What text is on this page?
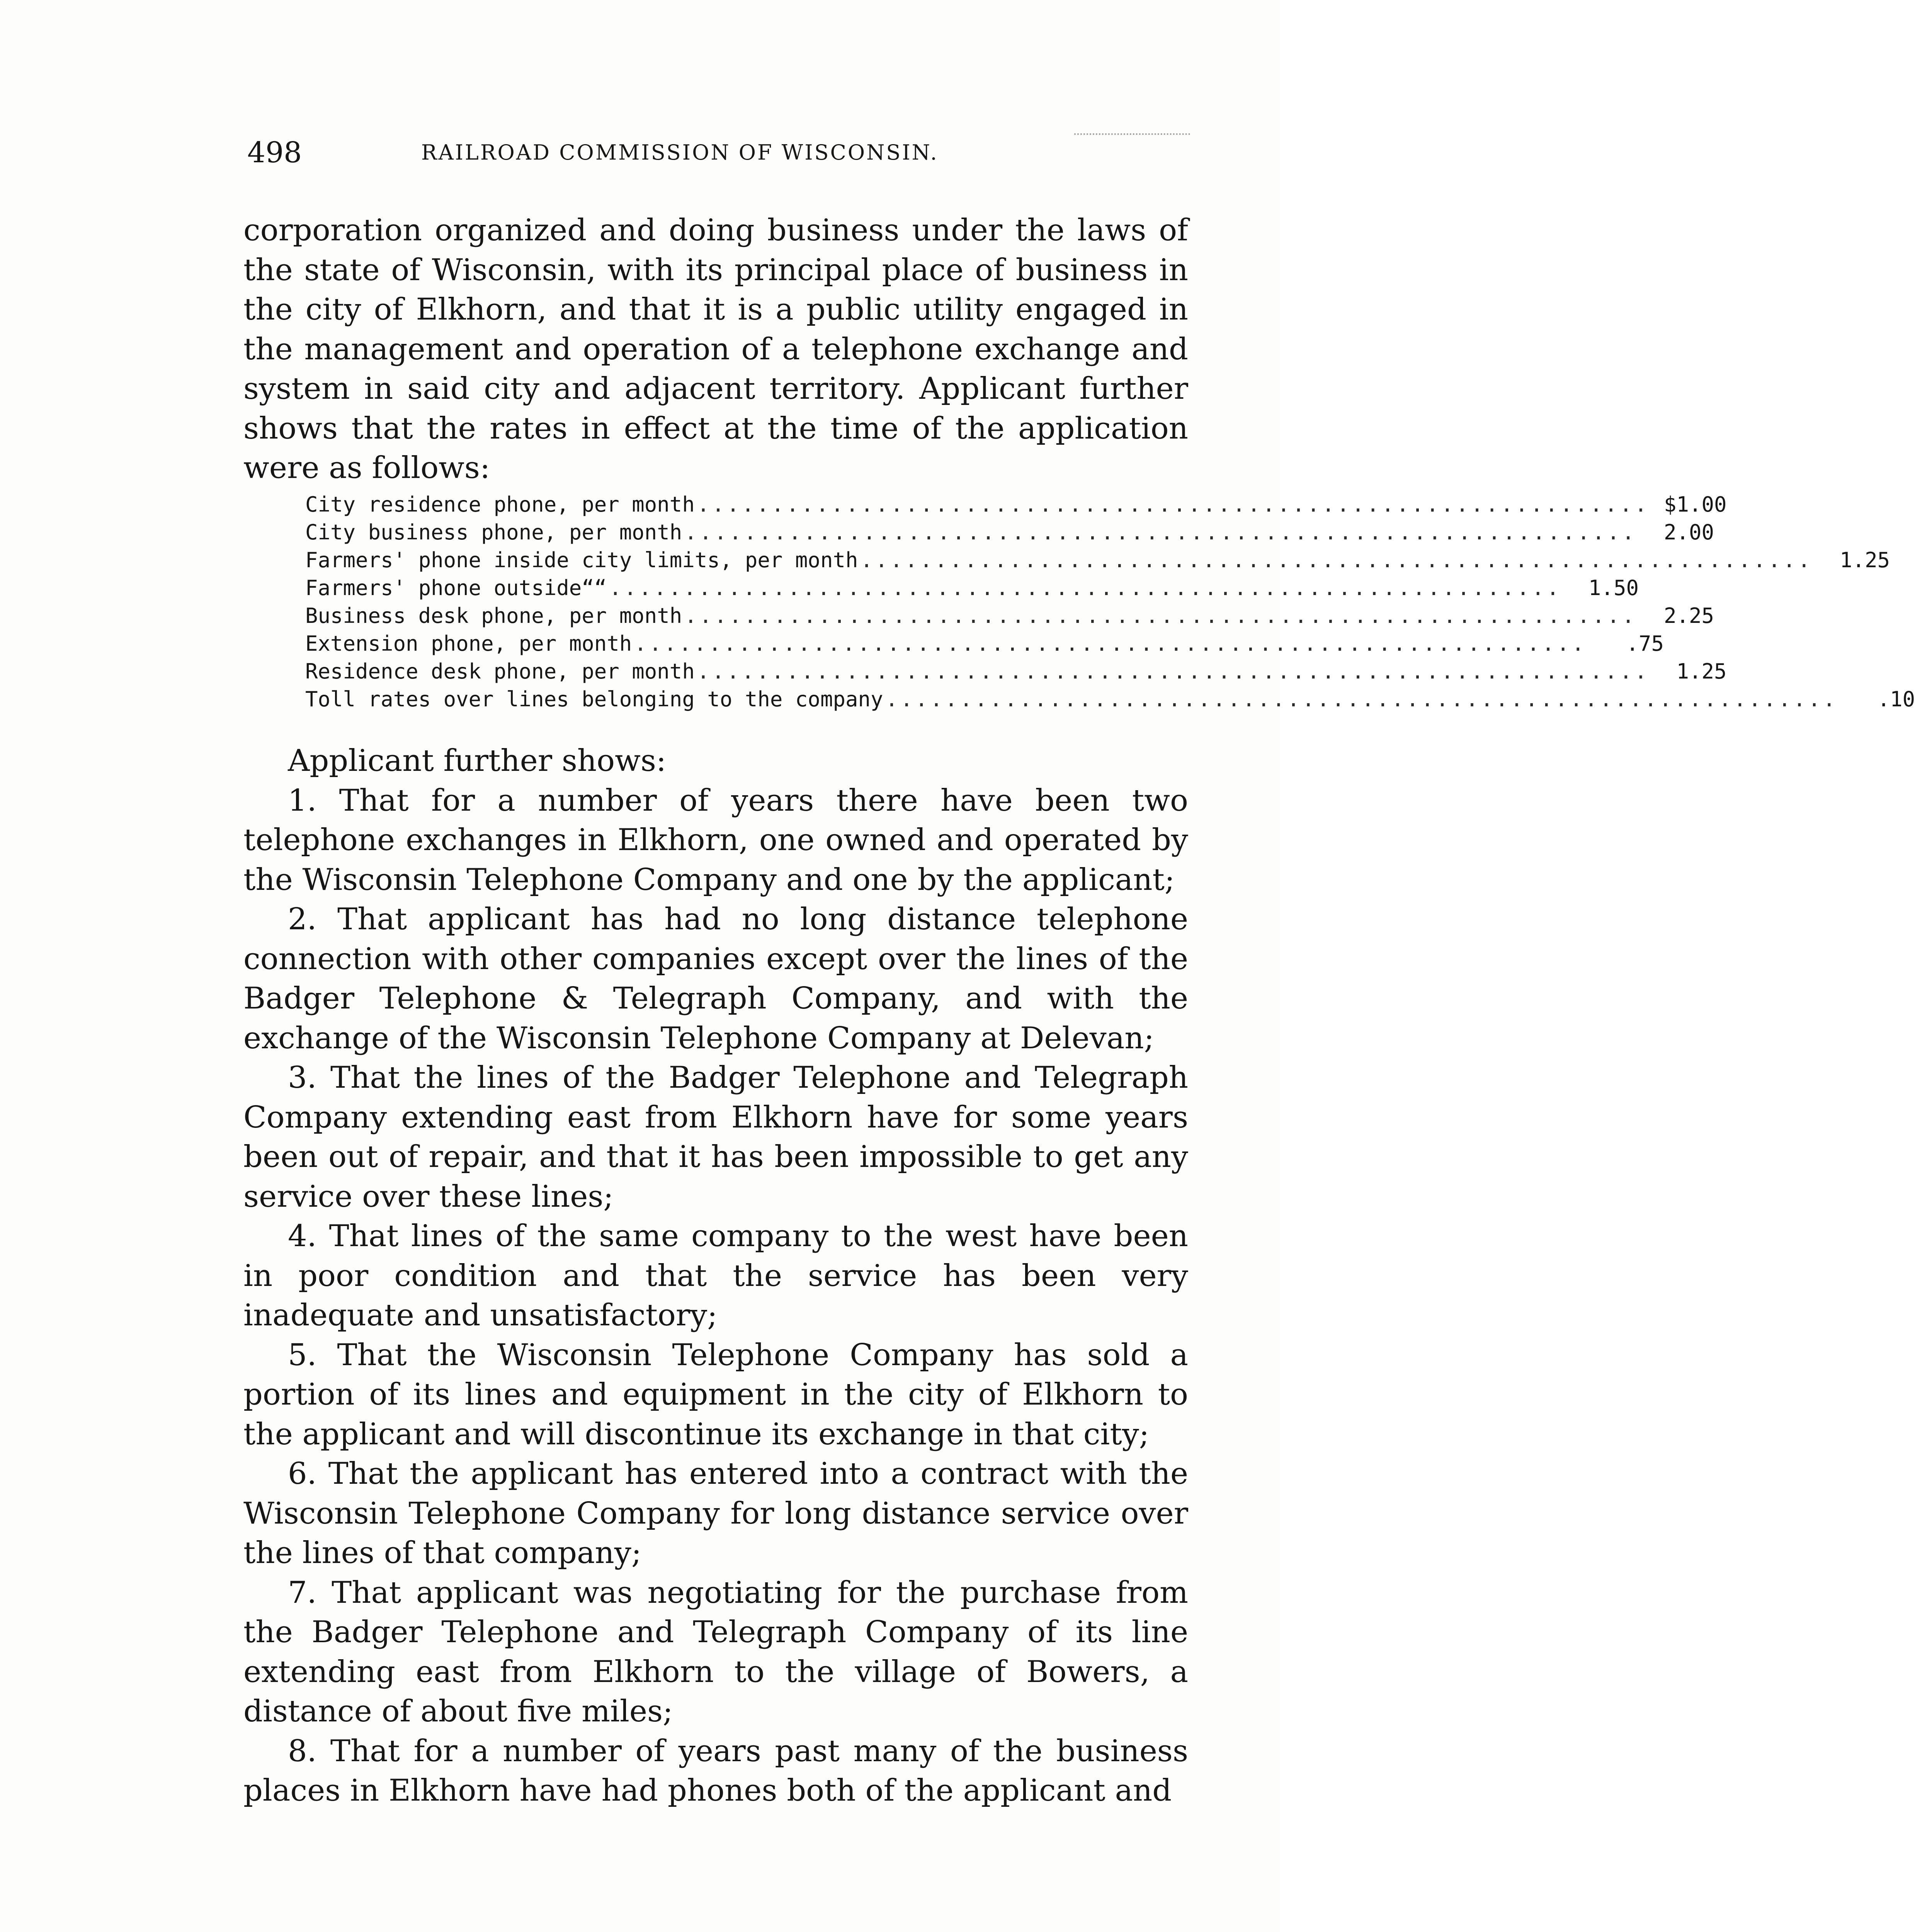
498	RAILROAD COMMISSION OF WISCONSIN.

corporation organized and doing business under the laws of the state of Wisconsin, with its principal place of business in the city of Elkhorn, and that it is a public utility engaged in the management and operation of a telephone exchange and system in said city and adjacent territory. Applicant further shows that the rates in effect at the time of the application were as follows:

City residence phone, per month ................................................................ $1.00
City business phone, per month ................................................................	2.00
Farmers' phone inside city limits, per month ................................................................	1.25
Farmers' phone outside “ “ ................................................................	1.50
Business desk phone, per month ................................................................	2.25
Extension phone, per month ................................................................	.75
Residence desk phone, per month ................................................................	1.25
Toll rates over lines belonging to the company ................................................................	.10

Applicant further shows:

1. That for a number of years there have been two telephone exchanges in Elkhorn, one owned and operated by the Wisconsin Telephone Company and one by the applicant;

2. That applicant has had no long distance telephone connection with other companies except over the lines of the Badger Telephone & Telegraph Company, and with the exchange of the Wisconsin Telephone Company at Delevan;

3. That the lines of the Badger Telephone and Telegraph Company extending east from Elkhorn have for some years been out of repair, and that it has been impossible to get any service over these lines;

4. That lines of the same company to the west have been in poor condition and that the service has been very inadequate and unsatisfactory;

5. That the Wisconsin Telephone Company has sold a portion of its lines and equipment in the city of Elkhorn to the applicant and will discontinue its exchange in that city;

6. That the applicant has entered into a contract with the Wisconsin Telephone Company for long distance service over the lines of that company;

7. That applicant was negotiating for the purchase from the Badger Telephone and Telegraph Company of its line extending east from Elkhorn to the village of Bowers, a distance of about five miles;

8. That for a number of years past many of the business places in Elkhorn have had phones both of the applicant and
